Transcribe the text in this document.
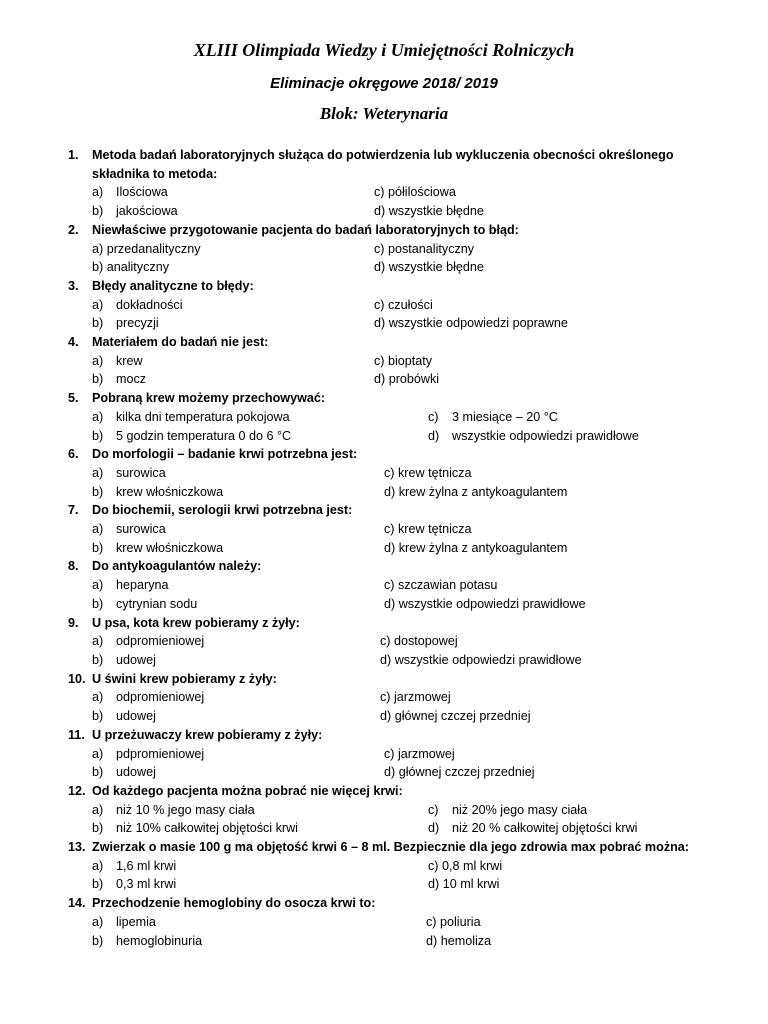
XLIII Olimpiada Wiedzy i Umiejętności Rolniczych
Eliminacje okręgowe 2018/ 2019
Blok: Weterynaria
1.	Metoda badań laboratoryjnych służąca do potwierdzenia lub wykluczenia obecności określonego składnika to metoda:
a)	Ilościowa	c) półilościowa
b)	jakościowa	d) wszystkie błędne
2.	Niewłaściwe przygotowanie pacjenta do badań laboratoryjnych to błąd:
a) przedanalityczny	c) postanalityczny
b) analityczny	d) wszystkie błędne
3.	Błędy analityczne to błędy:
a)	dokładności	c) czułości
b)	precyzji	d) wszystkie odpowiedzi poprawne
4.	Materiałem do badań nie jest:
a)	krew	c) bioptaty
b)	mocz	d) probówki
5.	Pobraną krew możemy przechowywać:
a)	kilka dni temperatura pokojowa	c)	3 miesiące – 20 °C
b)	5 godzin temperatura 0 do 6 °C	d)	wszystkie odpowiedzi prawidłowe
6.	Do morfologii – badanie krwi potrzebna jest:
a)	surowica	c) krew tętnicza
b)	krew włośniczkowa	d) krew żylna z antykoagulantem
7.	Do biochemii, serologii krwi potrzebna jest:
a)	surowica	c) krew tętnicza
b)	krew włośniczkowa	d) krew żylna z antykoagulantem
8.	Do antykoagulantów należy:
a)	heparyna	c) szczawian potasu
b)	cytrynian sodu	d) wszystkie odpowiedzi prawidłowe
9.	U psa, kota krew pobieramy z żyły:
a)	odpromieniowej	c) dostopowej
b)	udowej	d) wszystkie odpowiedzi prawidłowe
10. U świni krew pobieramy z żyły:
a)	odpromieniowej	c) jarzmowej
b)	udowej	d) głównej czczej przedniej
11. U przeżuwaczy krew pobieramy z żyły:
a)	pdpromieniowej	c) jarzmowej
b)	udowej	d) głównej czczej przedniej
12. Od każdego pacjenta można pobrać nie więcej krwi:
a)	niż 10 % jego masy ciała	c)	niż 20% jego masy ciała
b)	niż 10% całkowitej objętości krwi	d)	niż 20 % całkowitej objętości krwi
13. Zwierzak o masie 100 g ma objętość krwi 6 – 8 ml. Bezpiecznie dla jego zdrowia max pobrać można:
a)	1,6 ml krwi	c) 0,8 ml krwi
b)	0,3 ml krwi	d) 10 ml krwi
14. Przechodzenie hemoglobiny do osocza krwi to:
a)	lipemia	c) poliuria
b)	hemoglobinuria	d) hemoliza
